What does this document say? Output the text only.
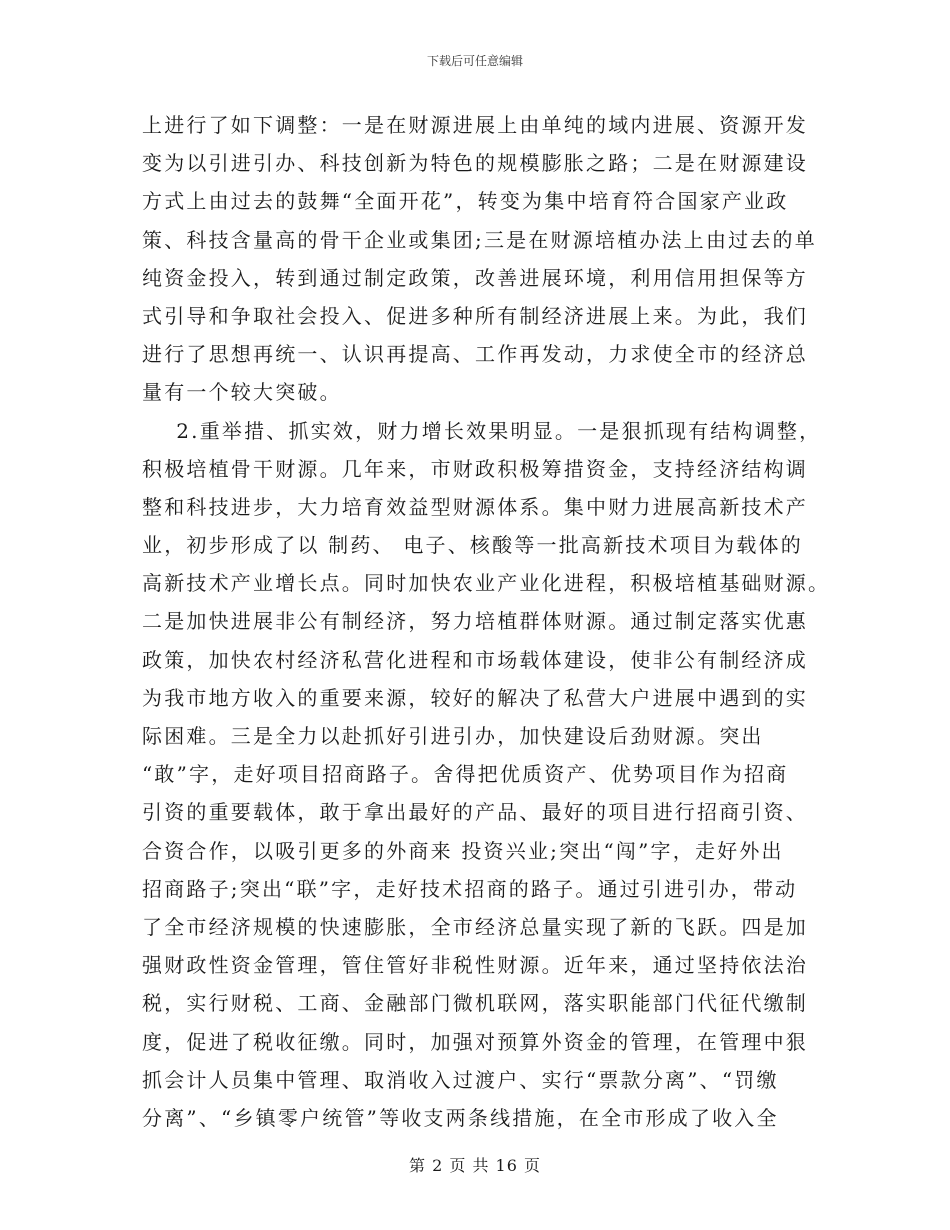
下载后可任意编辑
上进行了如下调整：一是在财源进展上由单纯的域内进展、资源开发
变为以引进引办、科技创新为特色的规模膨胀之路；二是在财源建设
方式上由过去的鼓舞“全面开花”，转变为集中培育符合国家产业政
策、科技含量高的骨干企业或集团;三是在财源培植办法上由过去的单
纯资金投入，转到通过制定政策，改善进展环境，利用信用担保等方
式引导和争取社会投入、促进多种所有制经济进展上来。为此，我们
进行了思想再统一、认识再提高、工作再发动，力求使全市的经济总
量有一个较大突破。
2.重举措、抓实效，财力增长效果明显。一是狠抓现有结构调整，
积极培植骨干财源。几年来，市财政积极筹措资金，支持经济结构调
整和科技进步，大力培育效益型财源体系。集中财力进展高新技术产
业，初步形成了以 制药、 电子、核酸等一批高新技术项目为载体的
高新技术产业增长点。同时加快农业产业化进程，积极培植基础财源。
二是加快进展非公有制经济，努力培植群体财源。通过制定落实优惠
政策，加快农村经济私营化进程和市场载体建设，使非公有制经济成
为我市地方收入的重要来源，较好的解决了私营大户进展中遇到的实
际困难。三是全力以赴抓好引进引办，加快建设后劲财源。突出
“敢”字，走好项目招商路子。舍得把优质资产、优势项目作为招商
引资的重要载体，敢于拿出最好的产品、最好的项目进行招商引资、
合资合作，以吸引更多的外商来 投资兴业;突出“闯”字，走好外出
招商路子;突出“联”字，走好技术招商的路子。通过引进引办，带动
了全市经济规模的快速膨胀，全市经济总量实现了新的飞跃。四是加
强财政性资金管理，管住管好非税性财源。近年来，通过坚持依法治
税，实行财税、工商、金融部门微机联网，落实职能部门代征代缴制
度，促进了税收征缴。同时，加强对预算外资金的管理，在管理中狠
抓会计人员集中管理、取消收入过渡户、实行“票款分离”、“罚缴
分离”、“乡镇零户统管”等收支两条线措施，在全市形成了收入全
第 2 页 共 16 页
